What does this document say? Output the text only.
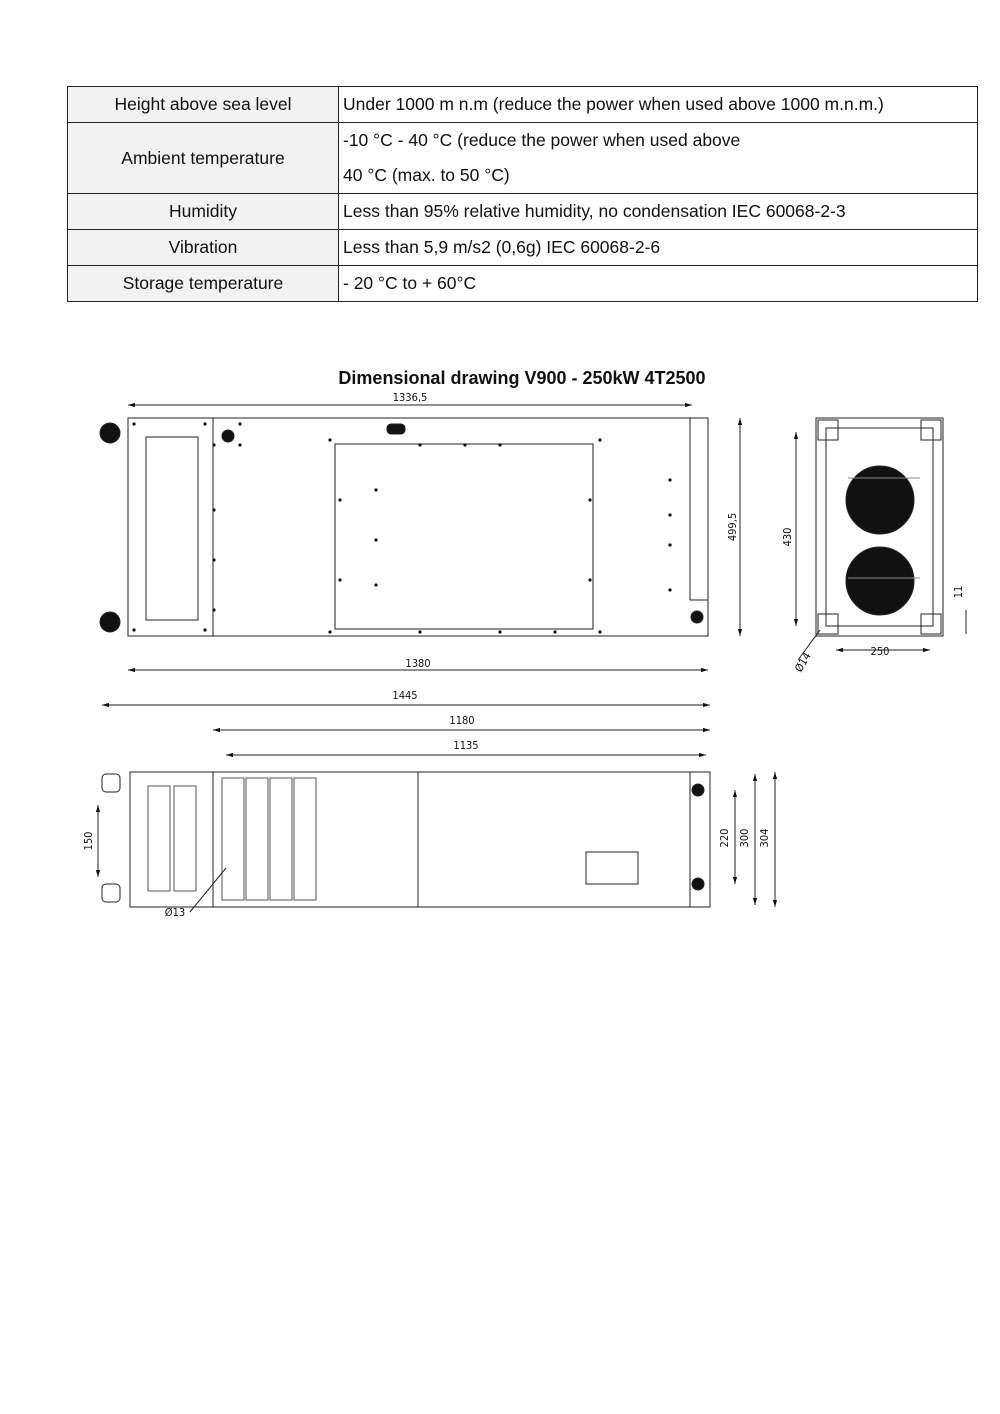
Height above sea level	Under 1000 m n.m (reduce the power when used above 1000 m.n.m.)

Ambient temperature	-10 °C - 40 °C (reduce the power when used above
40 °C (max. to 50 °C)

Humidity	Less than 95% relative humidity, no condensation IEC 60068-2-3

Vibration	Less than 5,9 m/s2 (0,6g) IEC 60068-2-6

Storage temperature	- 20 °C to + 60°C
Dimensional drawing V900 - 250kW 4T2500
1336,5
1380
499,5	430
250
11
Ø14
1445
1180
1135
150	220 300 304
Ø13
